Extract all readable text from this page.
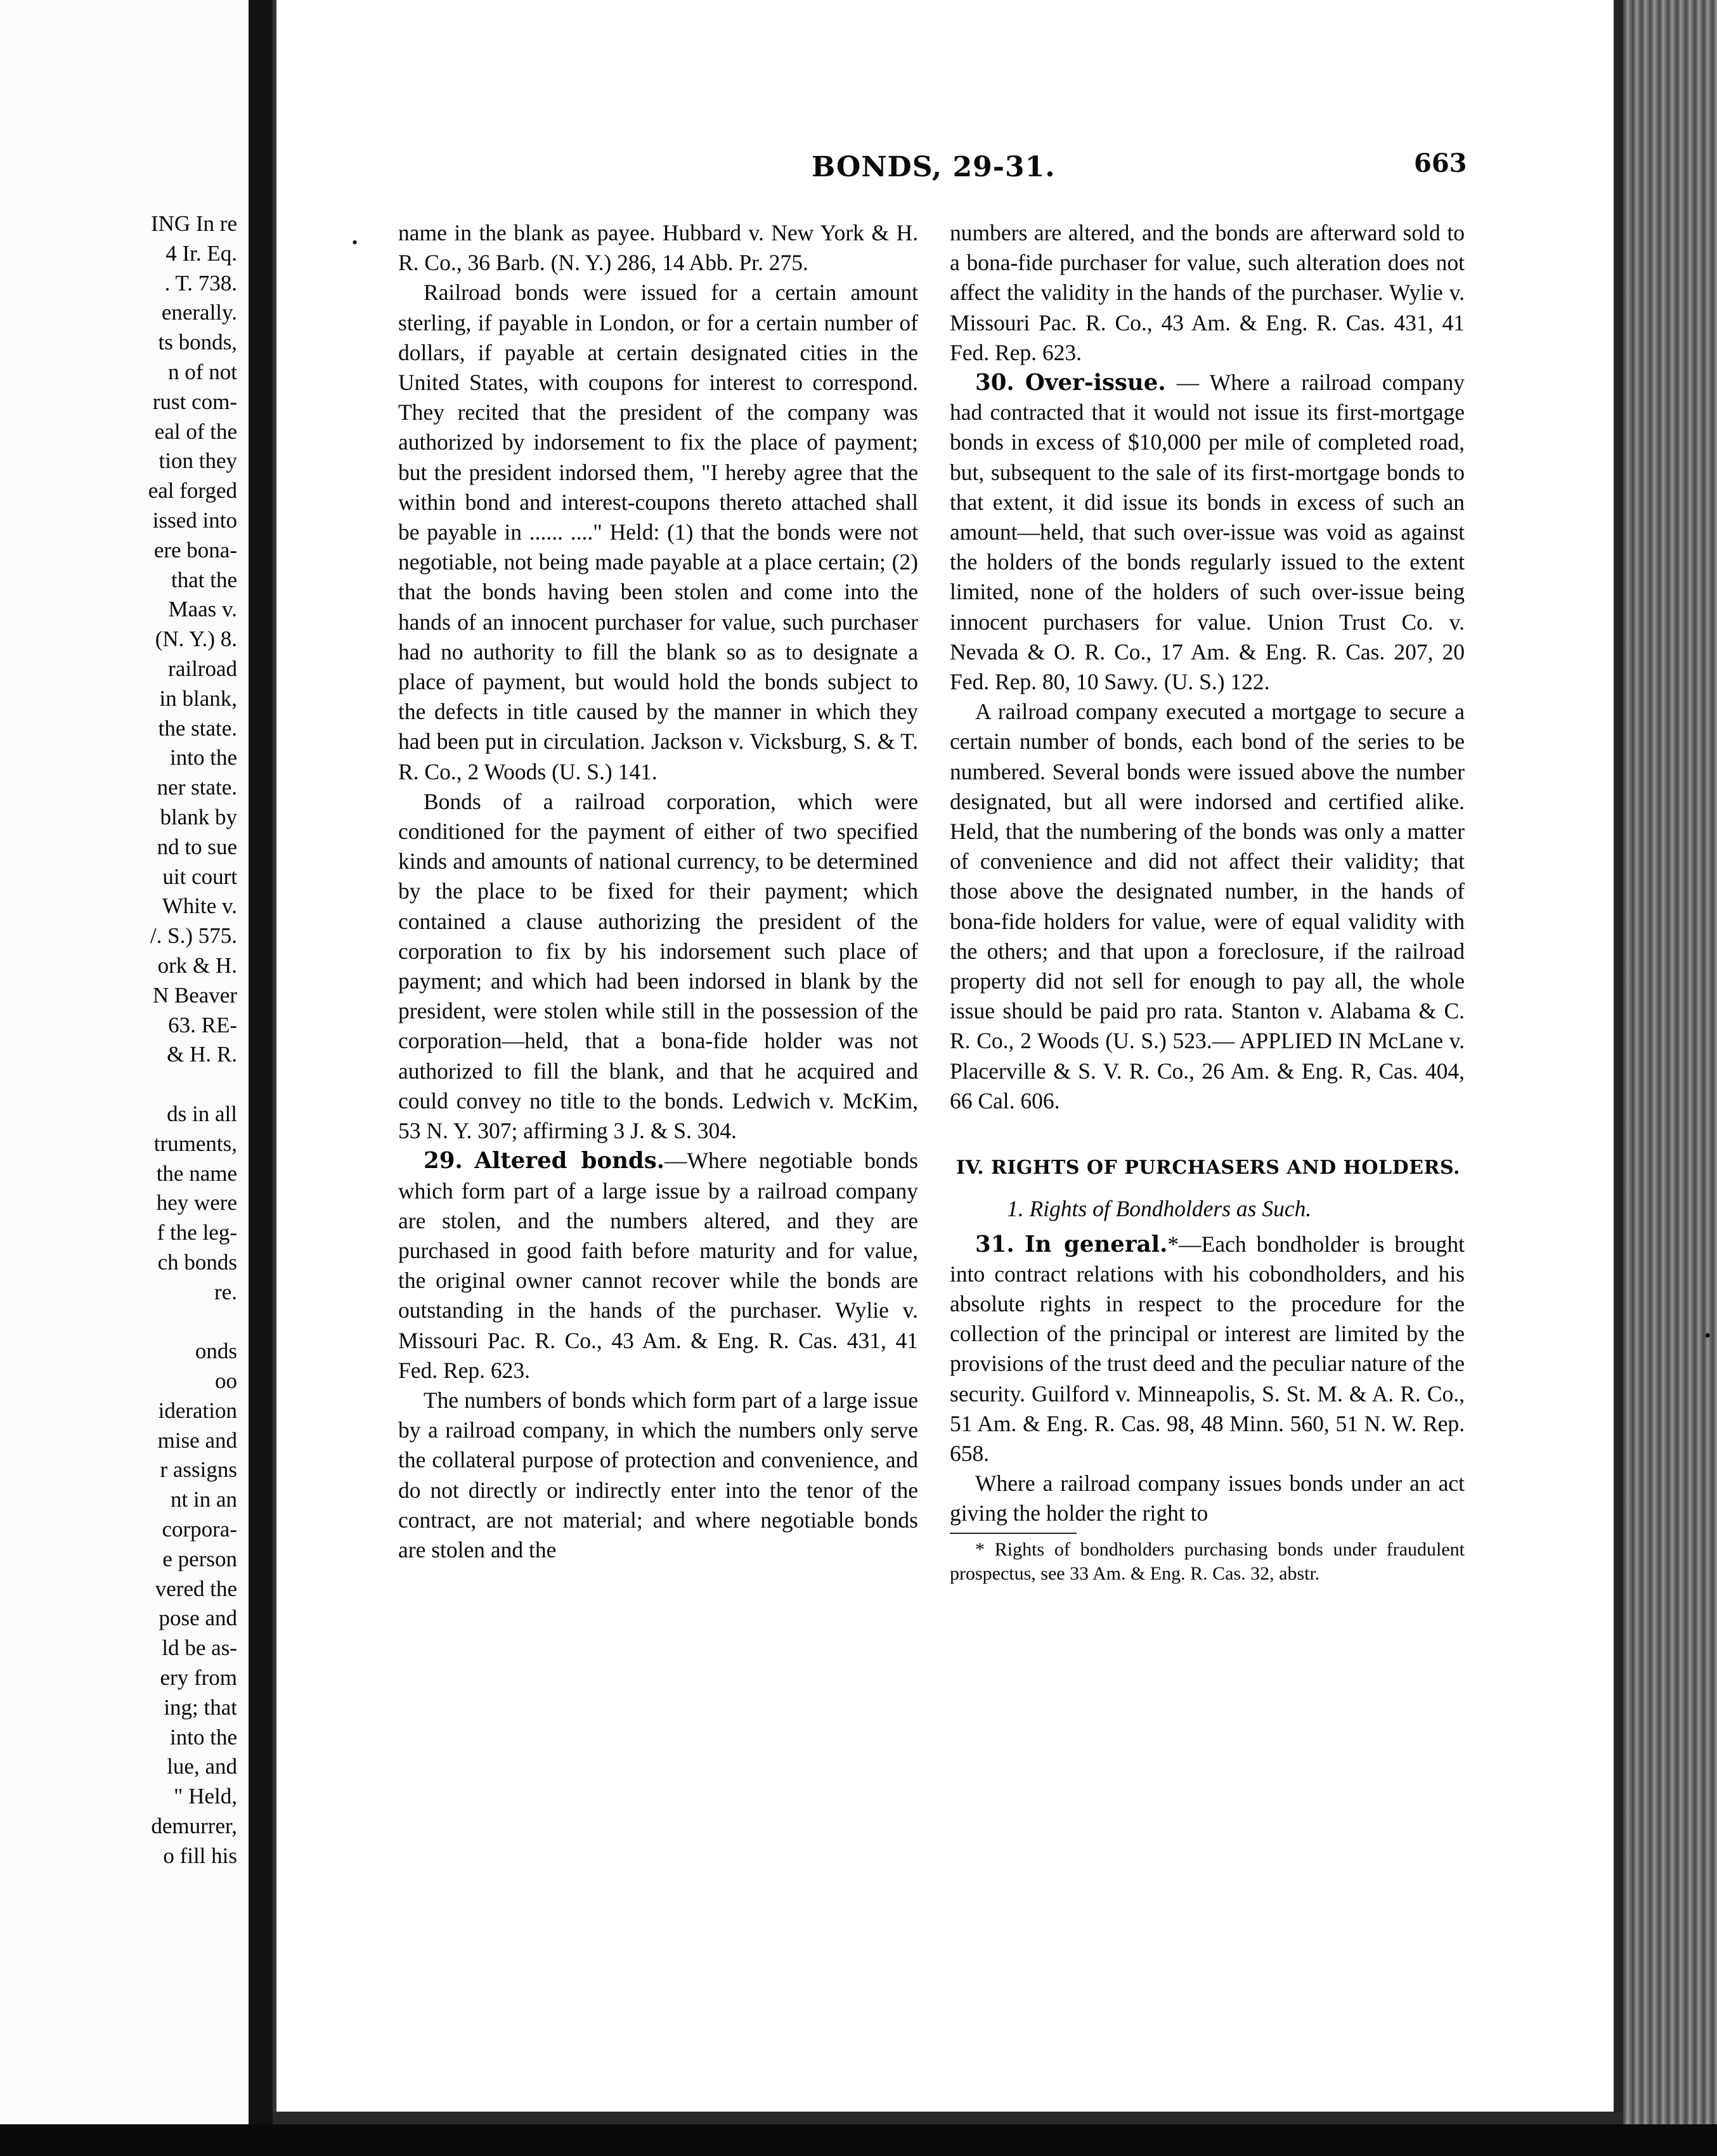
ING In re
4 Ir. Eq.
. T. 738.
enerally.
ts bonds,
n of not
rust com-
eal of the
tion they
eal forged
issed into
ere bona-
that the
Maas v.
(N. Y.) 8.
railroad
in blank,
the state.
into the
ner state.
blank by
nd to sue
uit court
White v.
/. S.) 575.
ork & H.
N Beaver
63. RE-
& H. R.
ds in all
truments,
the name
hey were
f the leg-
ch bonds
re.
onds
oo
ideration
mise and
r assigns
nt in an
corpora-
e person
vered the
pose and
ld be as-
ery from
ing; that
into the
lue, and
" Held,
demurrer,
o fill his
BONDS, 29-31.	663
• name in the blank as payee. Hubbard v. New York & H. R. Co., 36 Barb. (N. Y.) 286, 14 Abb. Pr. 275.

Railroad bonds were issued for a certain amount sterling, if payable in London, or for a certain number of dollars, if payable at certain designated cities in the United States, with coupons for interest to correspond. They recited that the president of the company was authorized by indorsement to fix the place of payment; but the president indorsed them, "I hereby agree that the within bond and interest-coupons thereto attached shall be payable in ...... ...." Held: (1) that the bonds were not negotiable, not being made payable at a place certain; (2) that the bonds having been stolen and come into the hands of an innocent purchaser for value, such purchaser had no authority to fill the blank so as to designate a place of payment, but would hold the bonds subject to the defects in title caused by the manner in which they had been put in circulation. Jackson v. Vicksburg, S. & T. R. Co., 2 Woods (U. S.) 141.

Bonds of a railroad corporation, which were conditioned for the payment of either of two specified kinds and amounts of national currency, to be determined by the place to be fixed for their payment; which contained a clause authorizing the president of the corporation to fix by his indorsement such place of payment; and which had been indorsed in blank by the president, were stolen while still in the possession of the corporation—held, that a bona-fide holder was not authorized to fill the blank, and that he acquired and could convey no title to the bonds. Ledwich v. McKim, 53 N. Y. 307; affirming 3 J. & S. 304.

29. Altered bonds.—Where negotiable bonds which form part of a large issue by a railroad company are stolen, and the numbers altered, and they are purchased in good faith before maturity and for value, the original owner cannot recover while the bonds are outstanding in the hands of the purchaser. Wylie v. Missouri Pac. R. Co., 43 Am. & Eng. R. Cas. 431, 41 Fed. Rep. 623.

The numbers of bonds which form part of a large issue by a railroad company, in which the numbers only serve the collateral purpose of protection and convenience, and do not directly or indirectly enter into the tenor of the contract, are not material; and where negotiable bonds are stolen and the

numbers are altered, and the bonds are afterward sold to a bona-fide purchaser for value, such alteration does not affect the validity in the hands of the purchaser. Wylie v. Missouri Pac. R. Co., 43 Am. & Eng. R. Cas. 431, 41 Fed. Rep. 623.

30. Over-issue. — Where a railroad company had contracted that it would not issue its first-mortgage bonds in excess of $10,000 per mile of completed road, but, subsequent to the sale of its first-mortgage bonds to that extent, it did issue its bonds in excess of such an amount—held, that such over-issue was void as against the holders of the bonds regularly issued to the extent limited, none of the holders of such over-issue being innocent purchasers for value. Union Trust Co. v. Nevada & O. R. Co., 17 Am. & Eng. R. Cas. 207, 20 Fed. Rep. 80, 10 Sawy. (U. S.) 122.

A railroad company executed a mortgage to secure a certain number of bonds, each bond of the series to be numbered. Several bonds were issued above the number designated, but all were indorsed and certified alike. Held, that the numbering of the bonds was only a matter of convenience and did not affect their validity; that those above the designated number, in the hands of bona-fide holders for value, were of equal validity with the others; and that upon a foreclosure, if the railroad property did not sell for enough to pay all, the whole issue should be paid pro rata. Stanton v. Alabama & C. R. Co., 2 Woods (U. S.) 523.— APPLIED IN McLane v. Placerville & S. V. R. Co., 26 Am. & Eng. R, Cas. 404, 66 Cal. 606.

IV. RIGHTS OF PURCHASERS AND HOLDERS.
1. Rights of Bondholders as Such.

31. In general.*—Each bondholder is brought into contract relations with his cobondholders, and his absolute rights in respect to the procedure for the collection of the principal or interest are limited by the provisions of the trust deed and the peculiar nature of the security. Guilford v. Minneapolis, S. St. M. & A. R. Co., 51 Am. & Eng. R. Cas. 98, 48 Minn. 560, 51 N. W. Rep. 658.

Where a railroad company issues bonds under an act giving the holder the right to

* Rights of bondholders purchasing bonds under fraudulent prospectus, see 33 Am. & Eng. R. Cas. 32, abstr.

•
